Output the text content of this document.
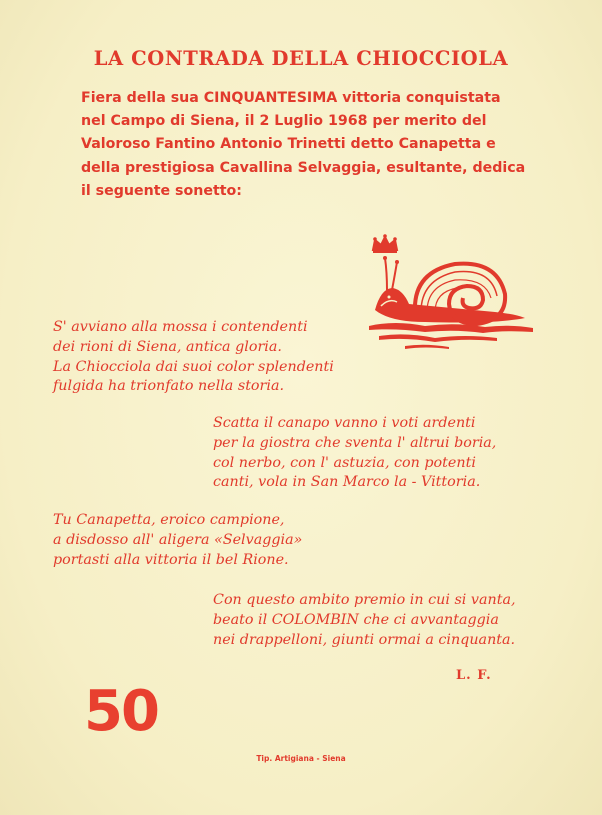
LA CONTRADA DELLA CHIOCCIOLA
Fiera della sua CINQUANTESIMA vittoria conquistata
nel Campo di Siena, il 2 Luglio 1968 per merito del
Valoroso Fantino Antonio Trinetti detto Canapetta e
della prestigiosa Cavallina Selvaggia, esultante, dedica
il seguente sonetto:
S' avviano alla mossa i contendenti
dei rioni di Siena, antica gloria.
La Chiocciola dai suoi color splendenti
fulgida ha trionfato nella storia.
Scatta il canapo vanno i voti ardenti
per la giostra che sventa l' altrui boria,
col nerbo, con l' astuzia, con potenti
canti, vola in San Marco la - Vittoria.
Tu Canapetta, eroico campione,
a disdosso all' aligera «Selvaggia»
portasti alla vittoria il bel Rione.
Con questo ambito premio in cui si vanta,
beato il COLOMBIN che ci avvantaggia
nei drappelloni, giunti ormai a cinquanta.
L. F.
50
Tip. Artigiana - Siena
